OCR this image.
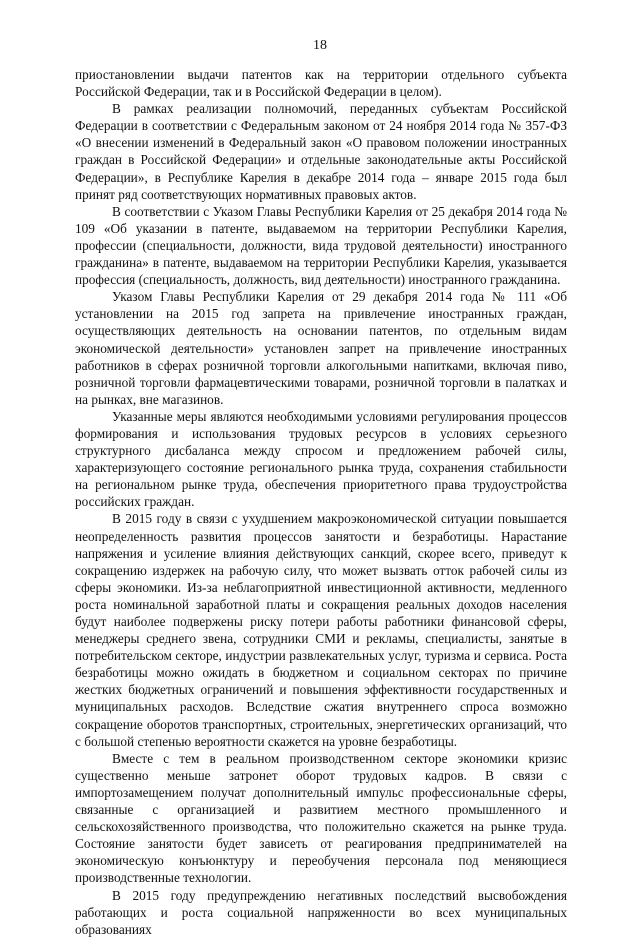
18

приостановлении выдачи патентов как на территории отдельного субъекта Российской Федерации, так и в Российской Федерации в целом).

В рамках реализации полномочий, переданных субъектам Российской Федерации в соответствии с Федеральным законом от 24 ноября 2014 года № 357-ФЗ «О внесении изменений в Федеральный закон «О правовом положении иностранных граждан в Российской Федерации» и отдельные законодательные акты Российской Федерации», в Республике Карелия в декабре 2014 года – январе 2015 года был принят ряд соответствующих нормативных правовых актов.

В соответствии с Указом Главы Республики Карелия от 25 декабря 2014 года № 109 «Об указании в патенте, выдаваемом на территории Республики Карелия, профессии (специальности, должности, вида трудовой деятельности) иностранного гражданина» в патенте, выдаваемом на территории Республики Карелия, указывается профессия (специальность, должность, вид деятельности) иностранного гражданина.

Указом Главы Республики Карелия от 29 декабря 2014 года № 111 «Об установлении на 2015 год запрета на привлечение иностранных граждан, осуществляющих деятельность на основании патентов, по отдельным видам экономической деятельности» установлен запрет на привлечение иностранных работников в сферах розничной торговли алкогольными напитками, включая пиво, розничной торговли фармацевтическими товарами, розничной торговли в палатках и на рынках, вне магазинов.

Указанные меры являются необходимыми условиями регулирования процессов формирования и использования трудовых ресурсов в условиях серьезного структурного дисбаланса между спросом и предложением рабочей силы, характеризующего состояние регионального рынка труда, сохранения стабильности на региональном рынке труда, обеспечения приоритетного права трудоустройства российских граждан.

В 2015 году в связи с ухудшением макроэкономической ситуации повышается неопределенность развития процессов занятости и безработицы. Нарастание напряжения и усиление влияния действующих санкций, скорее всего, приведут к сокращению издержек на рабочую силу, что может вызвать отток рабочей силы из сферы экономики. Из-за неблагоприятной инвестиционной активности, медленного роста номинальной заработной платы и сокращения реальных доходов населения будут наиболее подвержены риску потери работы работники финансовой сферы, менеджеры среднего звена, сотрудники СМИ и рекламы, специалисты, занятые в потребительском секторе, индустрии развлекательных услуг, туризма и сервиса. Роста безработицы можно ожидать в бюджетном и социальном секторах по причине жестких бюджетных ограничений и повышения эффективности государственных и муниципальных расходов. Вследствие сжатия внутреннего спроса возможно сокращение оборотов транспортных, строительных, энергетических организаций, что с большой степенью вероятности скажется на уровне безработицы.

Вместе с тем в реальном производственном секторе экономики кризис существенно меньше затронет оборот трудовых кадров. В связи с импортозамещением получат дополнительный импульс профессиональные сферы, связанные с организацией и развитием местного промышленного и сельскохозяйственного производства, что положительно скажется на рынке труда. Состояние занятости будет зависеть от реагирования предпринимателей на экономическую конъюнктуру и переобучения персонала под меняющиеся производственные технологии.

В 2015 году предупреждению негативных последствий высвобождения работающих и роста социальной напряженности во всех муниципальных образованиях
